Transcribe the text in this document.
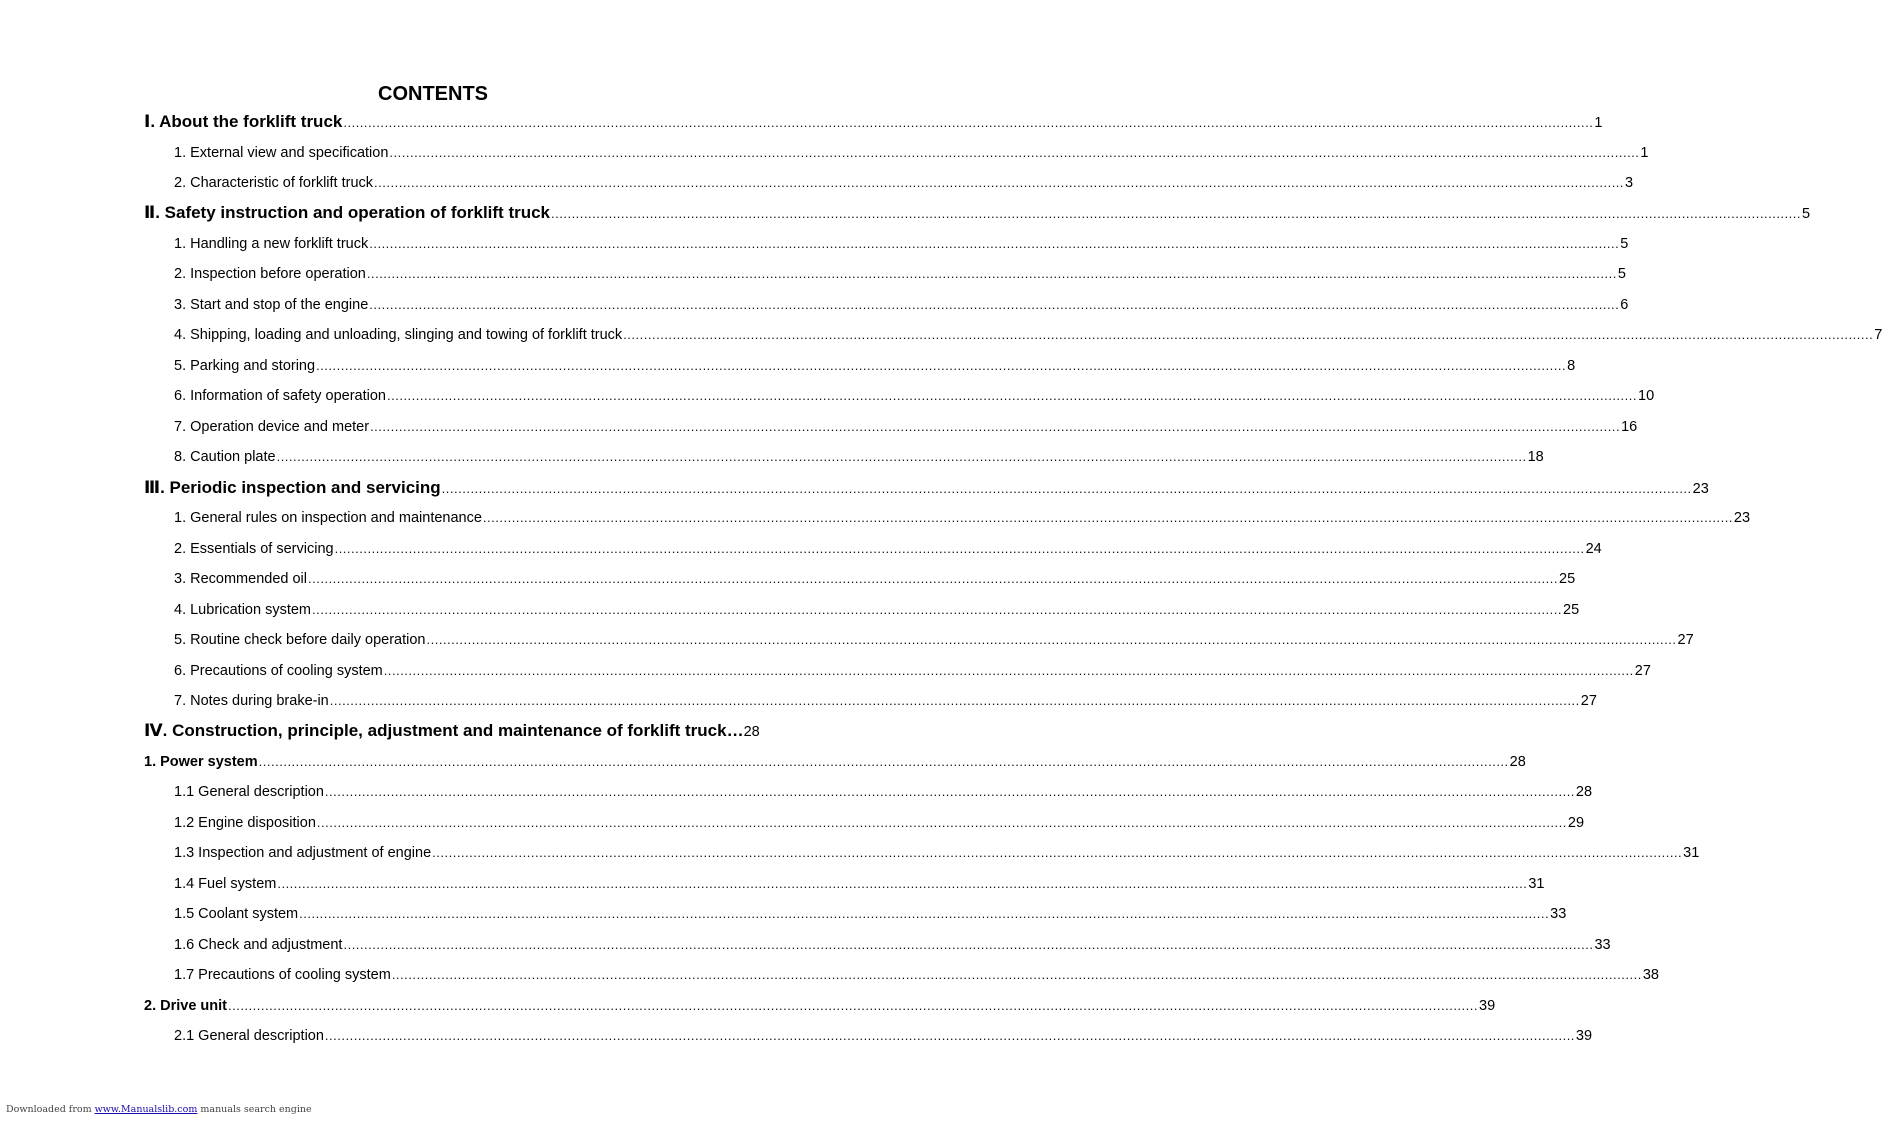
CONTENTS
Ⅰ. About the forklift truck .....	1
1. External view and specification .....	1
2. Characteristic of forklift truck .....	3
Ⅱ. Safety instruction and operation of forklift truck .....	5
1. Handling a new forklift truck .....	5
2. Inspection before operation .....	5
3. Start and stop of the engine .....	6
4. Shipping, loading and unloading, slinging and towing of forklift truck .....	7
5. Parking and storing .....	8
6. Information of safety operation .....	10
7. Operation device and meter .....	16
8. Caution plate .....	18
Ⅲ. Periodic inspection and servicing .....	23
1. General rules on inspection and maintenance .....	23
2. Essentials of servicing .....	24
3. Recommended oil .....	25
4. Lubrication system .....	25
5. Routine check before daily operation .....	27
6. Precautions of cooling system .....	27
7. Notes during brake-in .....	27
Ⅳ. Construction, principle, adjustment and maintenance of forklift truck… 28
1. Power system .....	28
1.1 General description .....	28
1.2 Engine disposition .....	29
1.3 Inspection and adjustment of engine .....	31
1.4 Fuel system .....	31
1.5 Coolant system .....	33
1.6 Check and adjustment .....	33
1.7 Precautions of cooling system .....	38
2. Drive unit .....	39
2.1 General description .....	39
Downloaded from www.Manualslib.com manuals search engine
